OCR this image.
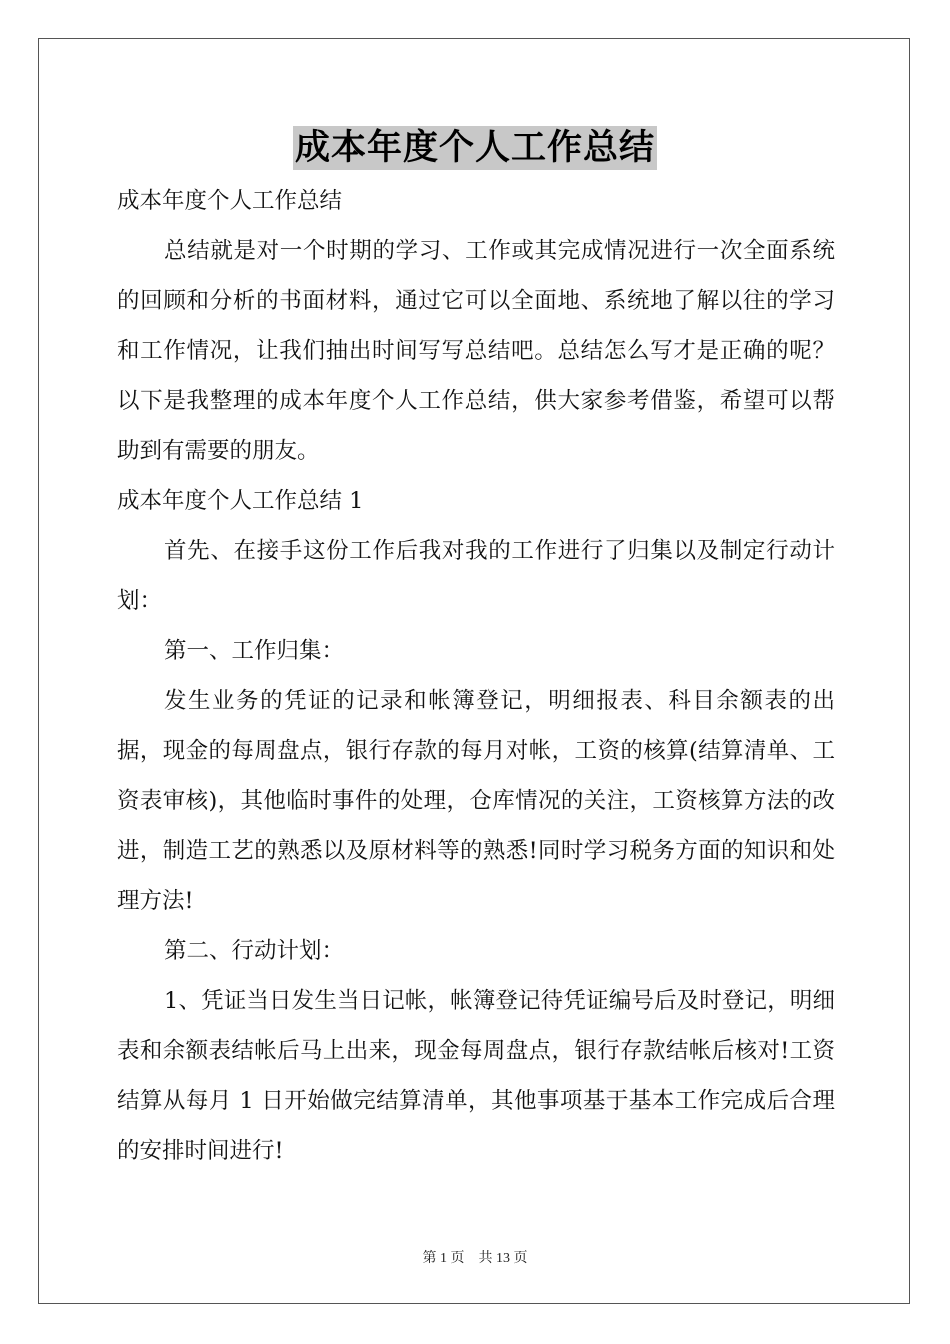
成本年度个人工作总结

成本年度个人工作总结

总结就是对一个时期的学习、工作或其完成情况进行一次全面系统的回顾和分析的书面材料，通过它可以全面地、系统地了解以往的学习和工作情况，让我们抽出时间写写总结吧。总结怎么写才是正确的呢？以下是我整理的成本年度个人工作总结，供大家参考借鉴，希望可以帮助到有需要的朋友。

成本年度个人工作总结 1

首先、在接手这份工作后我对我的工作进行了归集以及制定行动计划：

第一、工作归集：

发生业务的凭证的记录和帐簿登记，明细报表、科目余额表的出据，现金的每周盘点，银行存款的每月对帐，工资的核算(结算清单、工资表审核)，其他临时事件的处理，仓库情况的关注，工资核算方法的改进，制造工艺的熟悉以及原材料等的熟悉!同时学习税务方面的知识和处理方法!

第二、行动计划：

1、凭证当日发生当日记帐，帐簿登记待凭证编号后及时登记，明细表和余额表结帐后马上出来，现金每周盘点，银行存款结帐后核对!工资结算从每月 1 日开始做完结算清单，其他事项基于基本工作完成后合理的安排时间进行!

第 1 页　共 13 页
